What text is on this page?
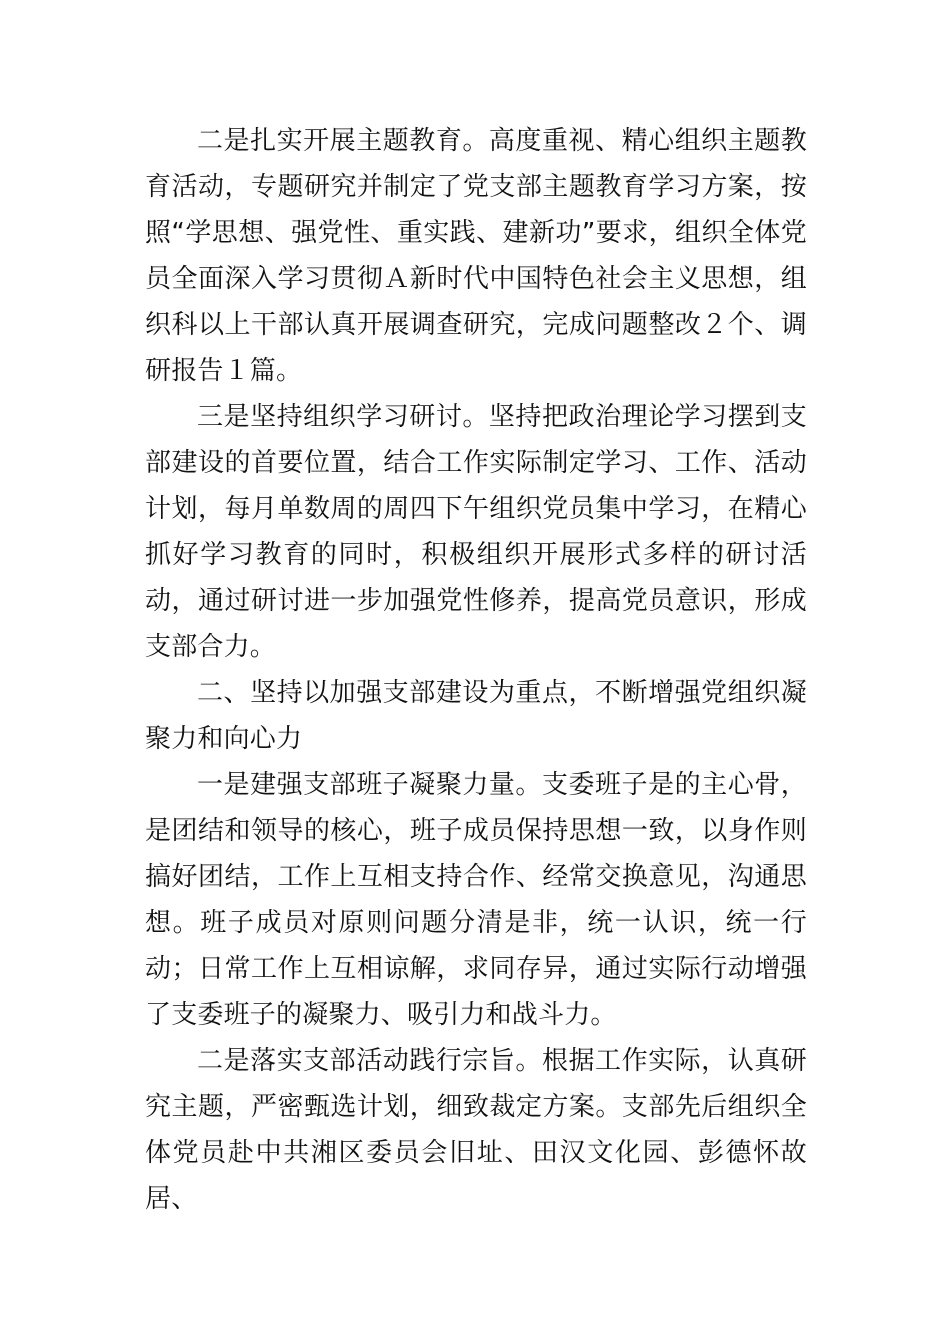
二是扎实开展主题教育。高度重视、精心组织主题教育活动，专题研究并制定了党支部主题教育学习方案，按照“学思想、强党性、重实践、建新功”要求，组织全体党员全面深入学习贯彻Ａ新时代中国特色社会主义思想，组织科以上干部认真开展调查研究，完成问题整改２个、调研报告１篇。

三是坚持组织学习研讨。坚持把政治理论学习摆到支部建设的首要位置，结合工作实际制定学习、工作、活动计划，每月单数周的周四下午组织党员集中学习，在精心抓好学习教育的同时，积极组织开展形式多样的研讨活动，通过研讨进一步加强党性修养，提高党员意识，形成支部合力。

二、坚持以加强支部建设为重点，不断增强党组织凝聚力和向心力

一是建强支部班子凝聚力量。支委班子是的主心骨，是团结和领导的核心，班子成员保持思想一致，以身作则搞好团结，工作上互相支持合作、经常交换意见，沟通思想。班子成员对原则问题分清是非，统一认识，统一行动；日常工作上互相谅解，求同存异，通过实际行动增强了支委班子的凝聚力、吸引力和战斗力。

二是落实支部活动践行宗旨。根据工作实际，认真研究主题，严密甄选计划，细致裁定方案。支部先后组织全体党员赴中共湘区委员会旧址、田汉文化园、彭德怀故居、
